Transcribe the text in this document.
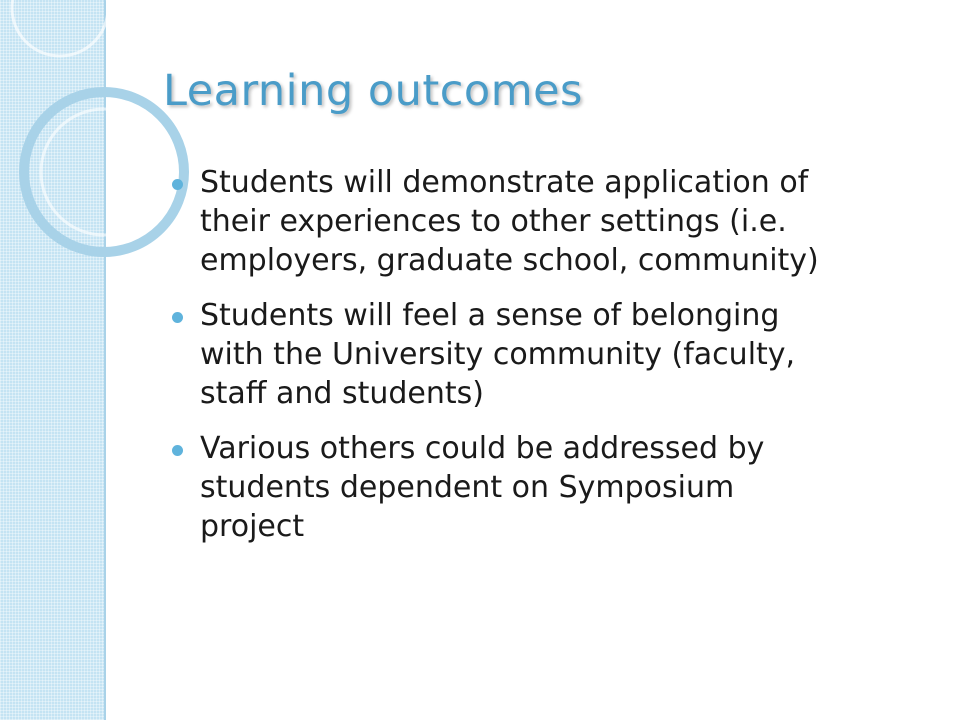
Learning outcomes
Students will demonstrate application of
their experiences to other settings (i.e.
employers, graduate school, community)
Students will feel a sense of belonging
with the University community (faculty,
staff and students)
Various others could be addressed by
students dependent on Symposium
project
